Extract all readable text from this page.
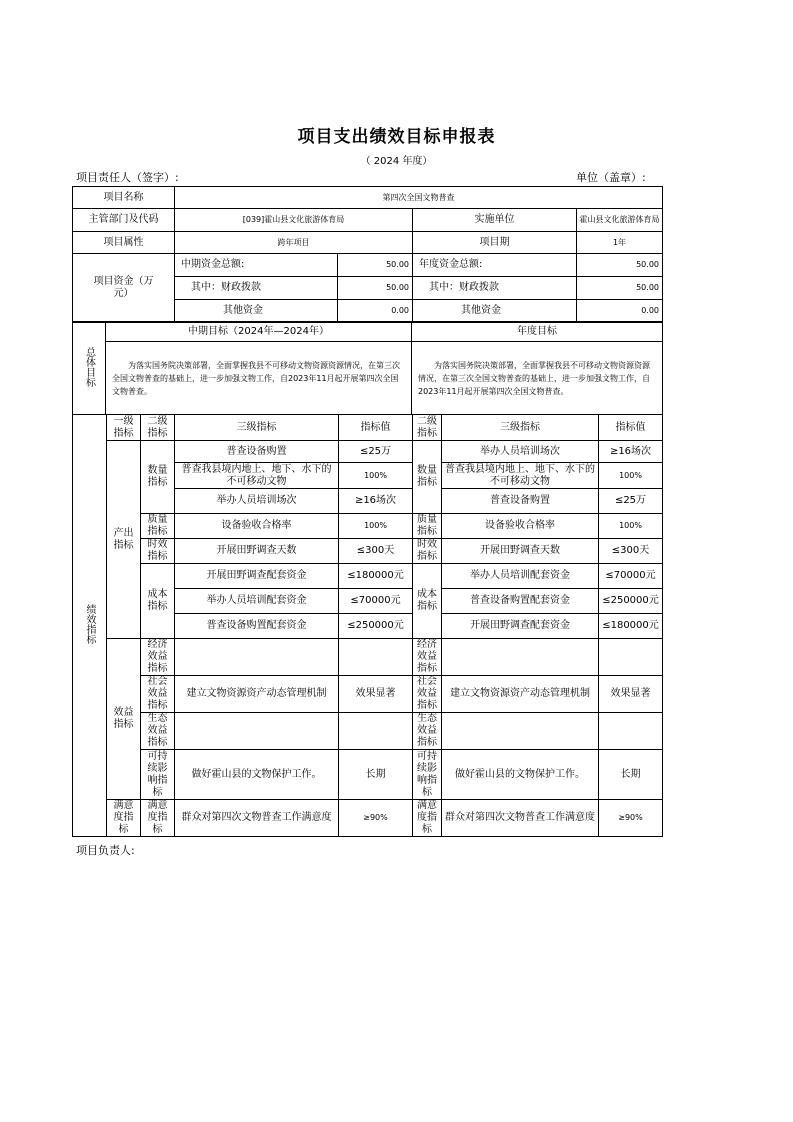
项目支出绩效目标申报表
（ 2024 年度）
项目责任人（签字）:	单位（盖章）:
项目名称	第四次全国文物普查			
主管部门及代码	[039]霍山县文化旅游体育局		实施单位	霍山县文化旅游体育局
项目属性	跨年项目		项目期	1年
项目资金（万元）	中期资金总额:	50.00	年度资金总额:	50.00
	其中：财政拨款	50.00	其中：财政拨款	50.00
	其他资金	0.00	其他资金	0.00
总体目标	中期目标（2024年—2024年）	年度目标
	为落实国务院决策部署，全面掌握我县不可移动文物资源资源情况，在第三次全国文物普查的基础上，进一步加强文物工作，自2023年11月起开展第四次全国文物普查。	为落实国务院决策部署，全面掌握我县不可移动文物资源资源情况，在第三次全国文物普查的基础上，进一步加强文物工作，自2023年11月起开展第四次全国文物普查。
绩效指标	一级指标	二级指标	三级指标	指标值	二级指标	三级指标	指标值
	产出指标	数量指标	普查设备购置	≤25万	数量指标	举办人员培训场次	≥16场次
			普查我县境内地上、地下、水下的不可移动文物	100%		普查我县境内地上、地下、水下的不可移动文物	100%
			举办人员培训场次	≥16场次		普查设备购置	≤25万
		质量指标	设备验收合格率	100%	质量指标	设备验收合格率	100%
		时效指标	开展田野调查天数	≤300天	时效指标	开展田野调查天数	≤300天
		成本指标	开展田野调查配套资金	≤180000元	成本指标	举办人员培训配套资金	≤70000元
			举办人员培训配套资金	≤70000元		普查设备购置配套资金	≤250000元
			普查设备购置配套资金	≤250000元		开展田野调查配套资金	≤180000元
	效益指标	经济效益指标			经济效益指标		
		社会效益指标	建立文物资源资产动态管理机制	效果显著	社会效益指标	建立文物资源资产动态管理机制	效果显著
		生态效益指标			生态效益指标		
		可持续影响指标	做好霍山县的文物保护工作。	长期	可持续影响指标	做好霍山县的文物保护工作。	长期
	满意度指标	满意度指标	群众对第四次文物普查工作满意度	≥90%	满意度指标	群众对第四次文物普查工作满意度	≥90%
项目负责人:
